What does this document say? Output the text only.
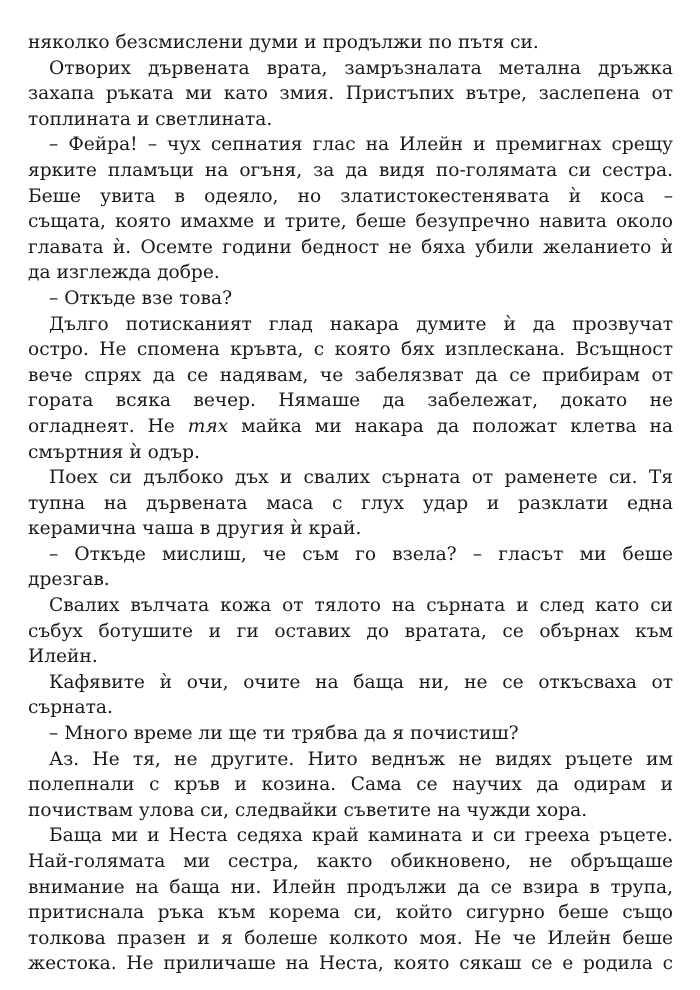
няколко безсмислени думи и продължи по пътя си.
Отворих дървената врата, замръзналата метална дръжка
захапа ръката ми като змия. Пристъпих вътре, заслепена от
топлината и светлината.
– Фейра! – чух сепнатия глас на Илейн и премигнах срещу
ярките пламъци на огъня, за да видя по-голямата си сестра.
Беше увита в одеяло, но златистокестенявата ѝ коса –
същата, която имахме и трите, беше безупречно навита около
главата ѝ. Осемте години бедност не бяха убили желанието ѝ
да изглежда добре.
– Откъде взе това?
Дълго потисканият глад накара думите ѝ да прозвучат
остро. Не спомена кръвта, с която бях изплескана. Всъщност
вече спрях да се надявам, че забелязват да се прибирам от
гората всяка вечер. Нямаше да забележат, докато не
огладнеят. Не тях майка ми накара да положат клетва на
смъртния ѝ одър.
Поех си дълбоко дъх и свалих сърната от раменете си. Тя
тупна на дървената маса с глух удар и разклати една
керамична чаша в другия ѝ край.
– Откъде мислиш, че съм го взела? – гласът ми беше
дрезгав.
Свалих вълчата кожа от тялото на сърната и след като си
събух ботушите и ги оставих до вратата, се обърнах към
Илейн.
Кафявите ѝ очи, очите на баща ни, не се откъсваха от
сърната.
– Много време ли ще ти трябва да я почистиш?
Аз. Не тя, не другите. Нито веднъж не видях ръцете им
полепнали с кръв и козина. Сама се научих да одирам и
почиствам улова си, следвайки съветите на чужди хора.
Баща ми и Неста седяха край камината и си грееха ръцете.
Най-голямата ми сестра, както обикновено, не обръщаше
внимание на баща ни. Илейн продължи да се взира в трупа,
притиснала ръка към корема си, който сигурно беше също
толкова празен и я болеше колкото моя. Не че Илейн беше
жестока. Не приличаше на Неста, която сякаш се е родила с
